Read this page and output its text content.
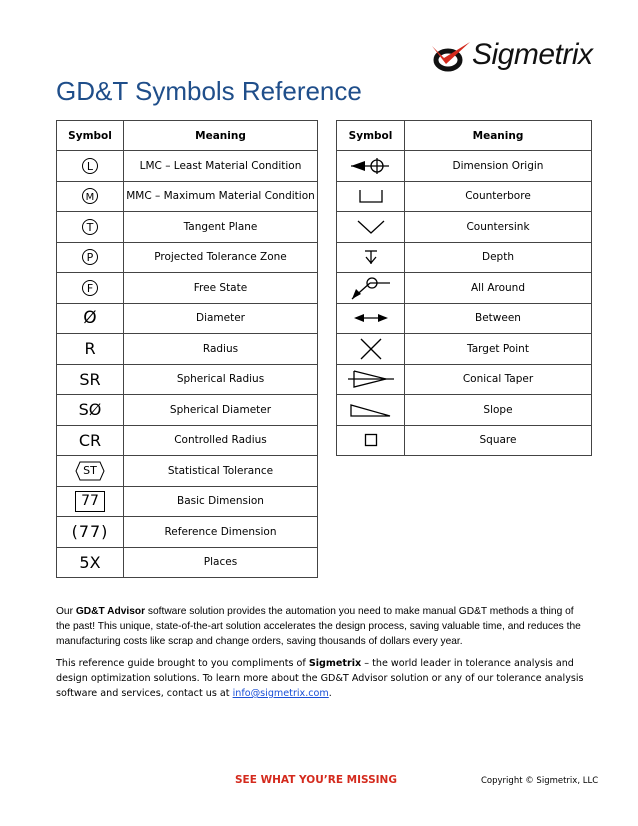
Sigmetrix
GD&T Symbols Reference
Symbol	Meaning

L	LMC – Least Material Condition

M	MMC – Maximum Material Condition

T	Tangent Plane

P	Projected Tolerance Zone

F	Free State
Ø	Diameter
R	Radius
SR	Spherical Radius
SØ	Spherical Diameter
CR	Controlled Radius

ST	Statistical Tolerance
77	Basic Dimension
(77)	Reference Dimension
5X	Places
Symbol	Meaning
	Dimension Origin
	Counterbore
	Countersink
	Depth
	All Around
	Between
	Target Point
	Conical Taper
	Slope
	Square

Our GD&T Advisor software solution provides the automation you need to make manual GD&T methods a thing of the past! This unique, state-of-the-art solution accelerates the design process, saving valuable time, and reduces the manufacturing costs like scrap and change orders, saving thousands of dollars every year.

This reference guide brought to you compliments of Sigmetrix – the world leader in tolerance analysis and design optimization solutions. To learn more about the GD&T Advisor solution or any of our tolerance analysis software and services, contact us at info@sigmetrix.com.

SEE WHAT YOU’RE MISSING	Copyright © Sigmetrix, LLC
